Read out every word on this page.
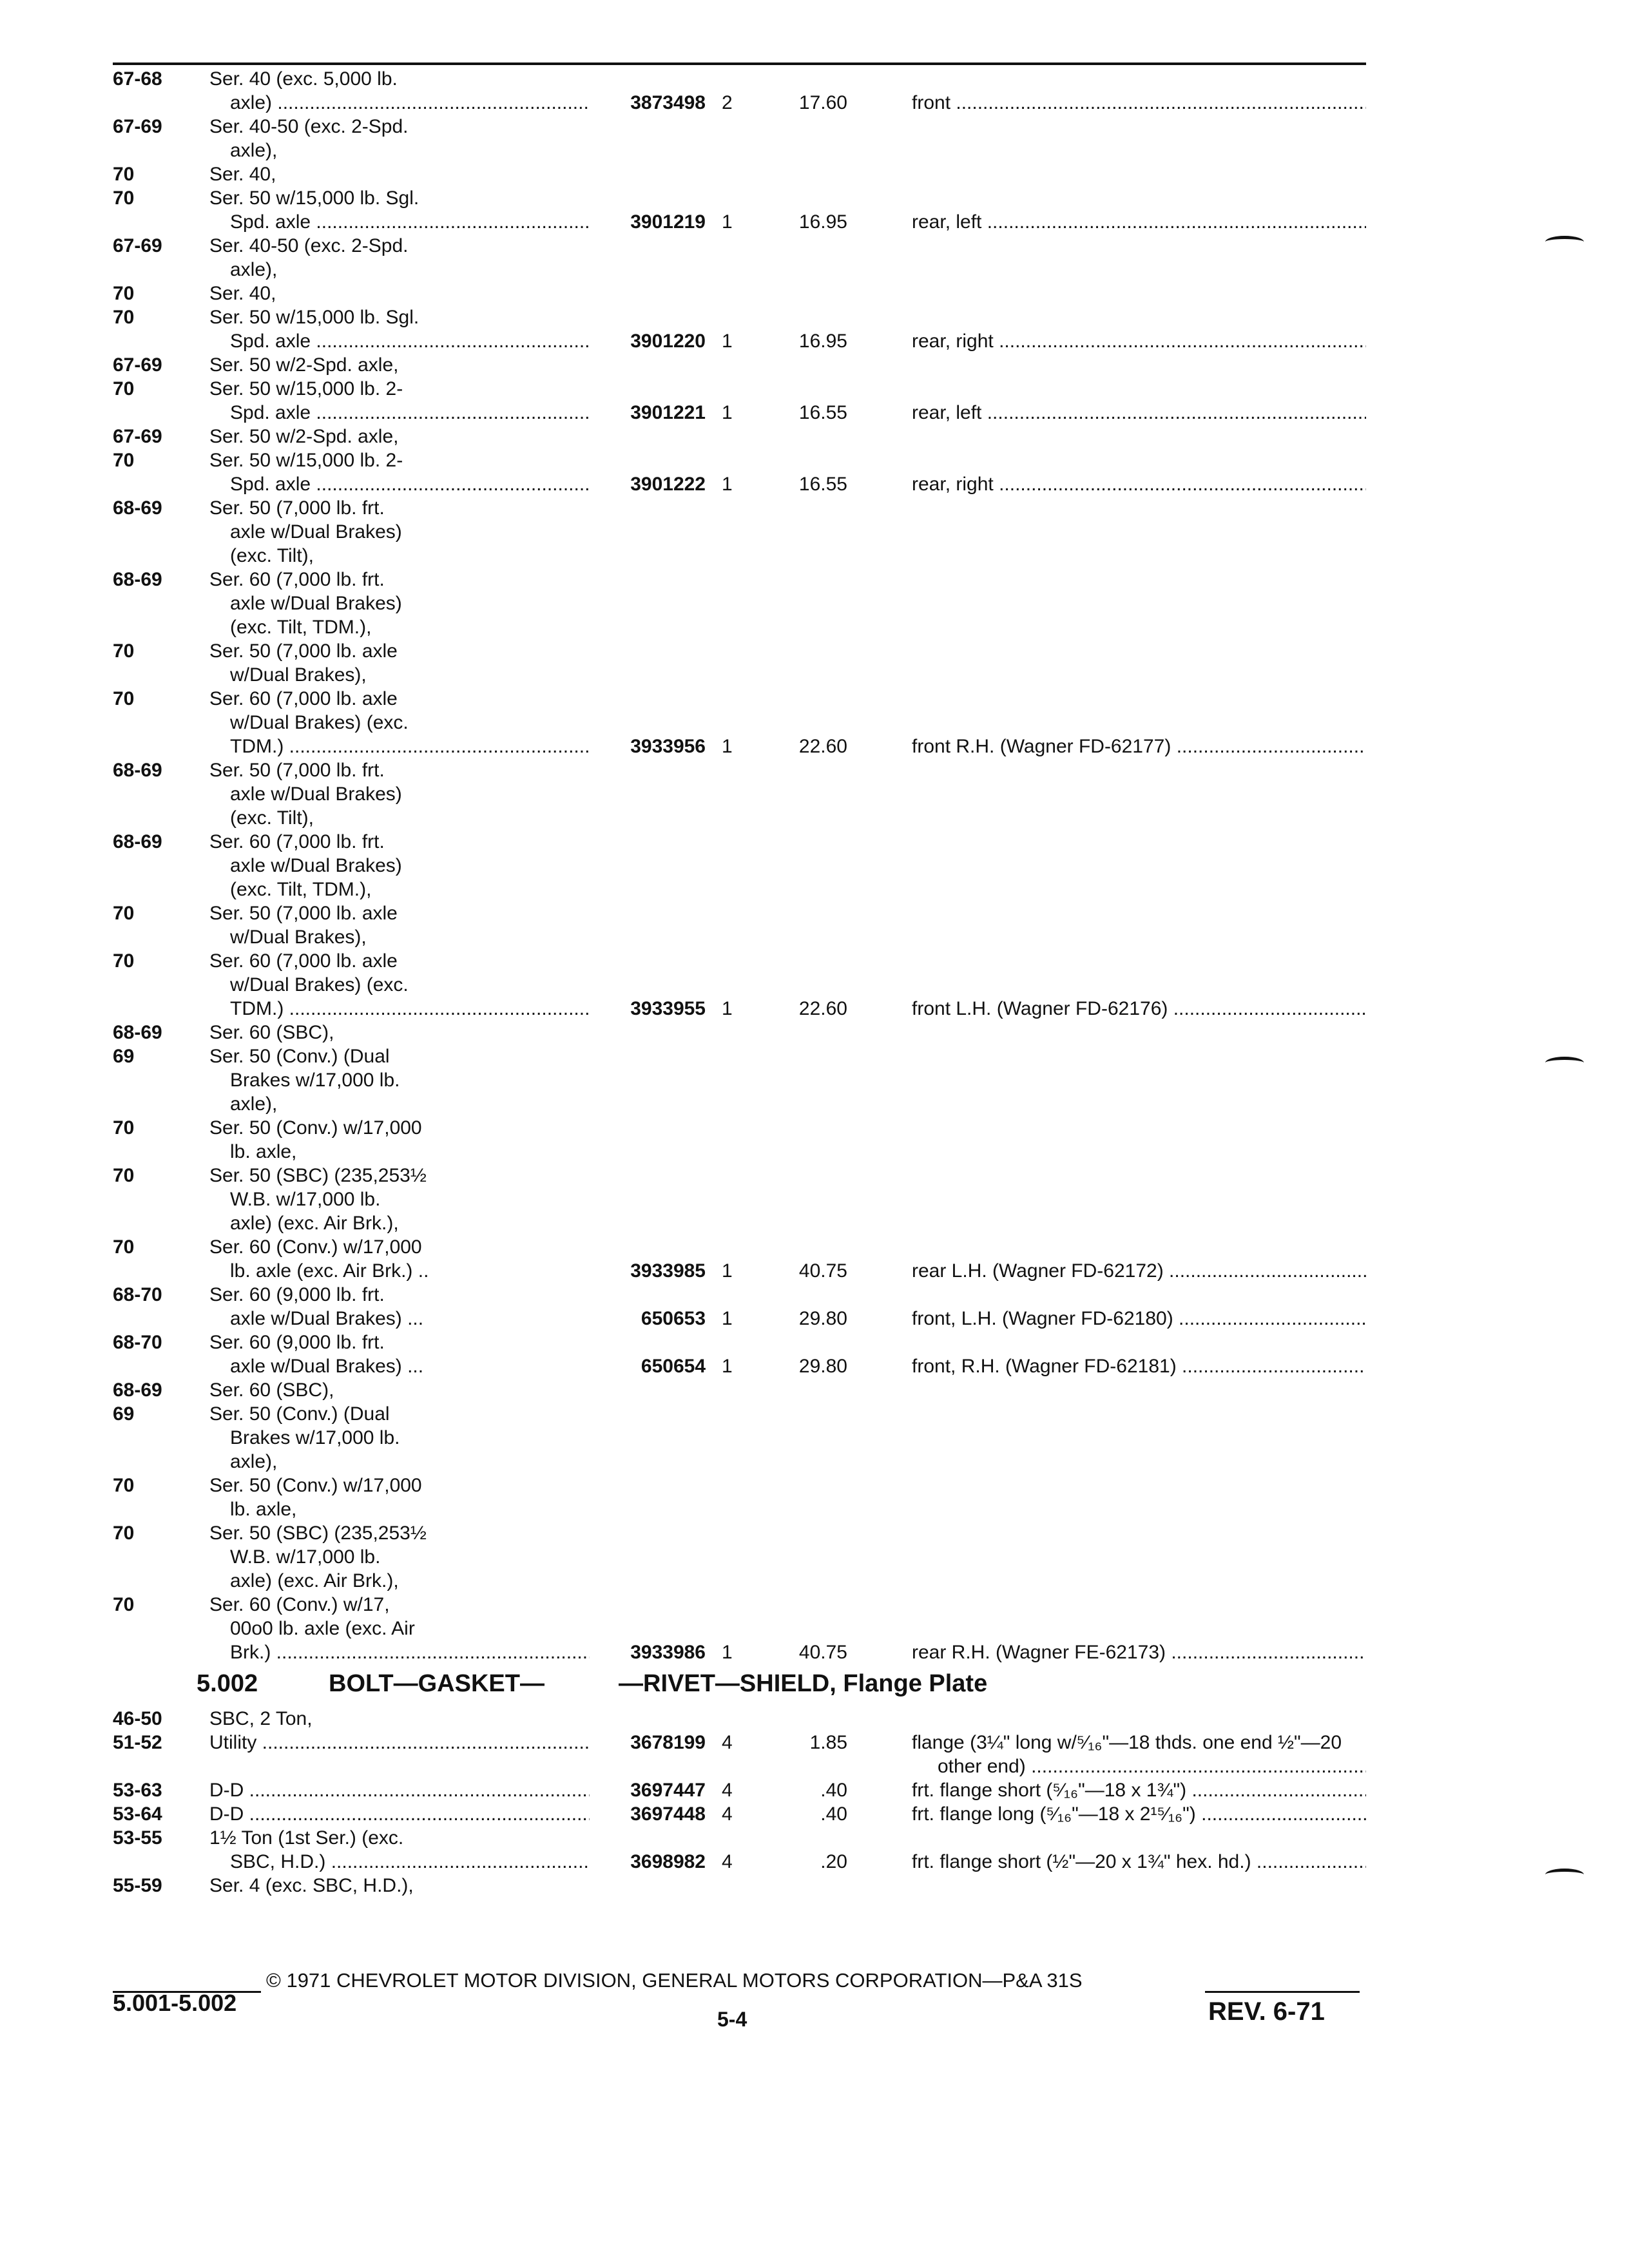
67-68	Ser. 40 (exc. 5,000 lb.
axle) .....	3873498 2	17.60	front .....
67-69	Ser. 40-50 (exc. 2-Spd.
axle),
70	Ser. 40,
70	Ser. 50 w/15,000 lb. Sgl.
Spd. axle .....	3901219 1	16.95	rear, left .....
67-69	Ser. 40-50 (exc. 2-Spd.
axle),
70	Ser. 40,
70	Ser. 50 w/15,000 lb. Sgl.
Spd. axle .....	3901220 1	16.95	rear, right .....
67-69	Ser. 50 w/2-Spd. axle,
70	Ser. 50 w/15,000 lb. 2-
Spd. axle .....	3901221 1	16.55	rear, left .....
67-69	Ser. 50 w/2-Spd. axle,
70	Ser. 50 w/15,000 lb. 2-
Spd. axle .....	3901222 1	16.55	rear, right .....
68-69	Ser. 50 (7,000 lb. frt.
axle w/Dual Brakes)
(exc. Tilt),
68-69	Ser. 60 (7,000 lb. frt.
axle w/Dual Brakes)
(exc. Tilt, TDM.),
70	Ser. 50 (7,000 lb. axle
w/Dual Brakes),
70	Ser. 60 (7,000 lb. axle
w/Dual Brakes) (exc.
TDM.) .....	3933956 1	22.60	front R.H. (Wagner FD-62177) .....
68-69	Ser. 50 (7,000 lb. frt.
axle w/Dual Brakes)
(exc. Tilt),
68-69	Ser. 60 (7,000 lb. frt.
axle w/Dual Brakes)
(exc. Tilt, TDM.),
70	Ser. 50 (7,000 lb. axle
w/Dual Brakes),
70	Ser. 60 (7,000 lb. axle
w/Dual Brakes) (exc.
TDM.) .....	3933955 1	22.60	front L.H. (Wagner FD-62176) .....
68-69	Ser. 60 (SBC),
69	Ser. 50 (Conv.) (Dual
Brakes w/17,000 lb.
axle),
70	Ser. 50 (Conv.) w/17,000
lb. axle,
70	Ser. 50 (SBC) (235,253½
W.B. w/17,000 lb.
axle) (exc. Air Brk.),
70	Ser. 60 (Conv.) w/17,000
lb. axle (exc. Air Brk.) ..	3933985 1	40.75	rear L.H. (Wagner FD-62172) .....
68-70	Ser. 60 (9,000 lb. frt.
axle w/Dual Brakes) ...	650653 1	29.80	front, L.H. (Wagner FD-62180) .....
68-70	Ser. 60 (9,000 lb. frt.
axle w/Dual Brakes) ...	650654 1	29.80	front, R.H. (Wagner FD-62181) .....
68-69	Ser. 60 (SBC),
69	Ser. 50 (Conv.) (Dual
Brakes w/17,000 lb.
axle),
70	Ser. 50 (Conv.) w/17,000
lb. axle,
70	Ser. 50 (SBC) (235,253½
W.B. w/17,000 lb.
axle) (exc. Air Brk.),
70	Ser. 60 (Conv.) w/17,
00o0 lb. axle (exc. Air
Brk.) .....	3933986 1	40.75	rear R.H. (Wagner FE-62173) .....
5.002	BOLT—GASKET—	—RIVET—SHIELD, Flange Plate
46-50	SBC, 2 Ton,
51-52	Utility .....	3678199 4	1.85	flange (3¼" long w/⁵⁄₁₆"—18 thds. one end ½"—20
other end) .....
53-63	D-D .....	3697447 4	.40	frt. flange short (⁵⁄₁₆"—18 x 1¾") .....
53-64	D-D .....	3697448 4	.40	frt. flange long (⁵⁄₁₆"—18 x 2¹⁵⁄₁₆") .....
53-55	1½ Ton (1st Ser.) (exc.
SBC, H.D.) .....	3698982 4	.20	frt. flange short (½"—20 x 1¾" hex. hd.) .....
55-59	Ser. 4 (exc. SBC, H.D.),
© 1971 CHEVROLET MOTOR DIVISION, GENERAL MOTORS CORPORATION—P&A 31S
5.001-5.002
5-4	REV. 6-71
